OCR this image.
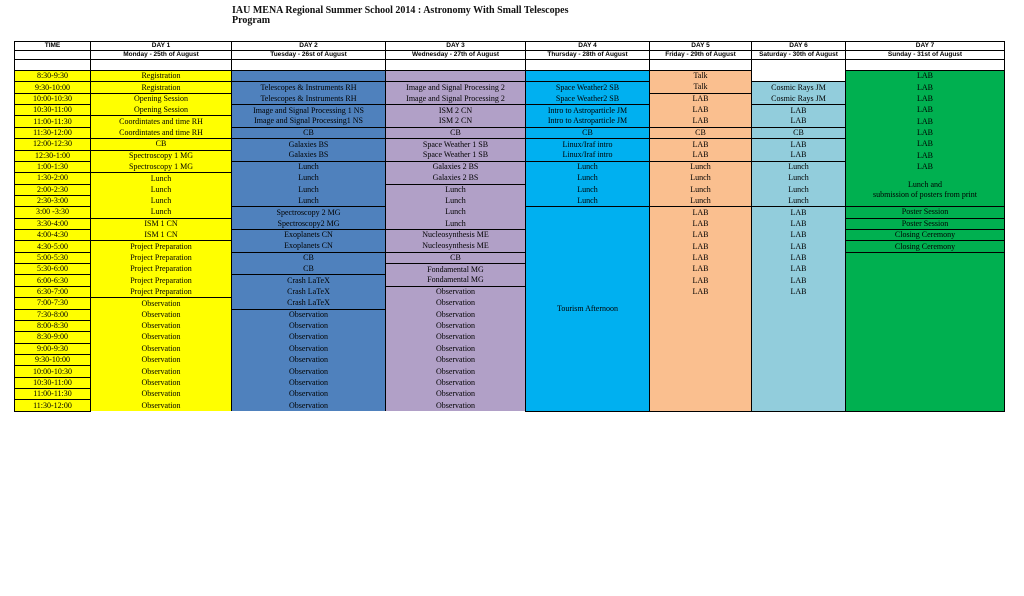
IAU MENA Regional Summer School 2014 : Astronomy With Small Telescopes
Program
TIME	DAY 1	DAY 2	DAY 3	DAY 4	DAY 5	DAY 6	DAY 7
	Monday - 25th of August	Tuesday - 26st of August	Wednesday - 27th of August	Thursday - 28th of August	Friday - 29th of August	Saturday - 30th of August	Sunday - 31st of August

8:30-9:30	Registration				Talk		LAB
9:30-10:00	Registration	Telescopes & Instruments RH	Image and Signal Processing 2	Space Weather2 SB	Talk	Cosmic Rays JM	LAB
10:00-10:30	Opening Session	Telescopes & Instruments RH	Image and Signal Processing 2	Space Weather2 SB	LAB	Cosmic Rays JM	LAB
10:30-11:00	Opening Session	Image and Signal Processing 1 NS	ISM 2 CN	Intro to Astroparticle JM	LAB	LAB	LAB
11:00-11:30	Coordintates and time RH	Image and Signal Processing1 NS	ISM 2 CN	Intro to Astroparticle JM	LAB	LAB	LAB
11:30-12:00	Coordintates and time RH	CB	CB	CB	CB	CB	LAB
12:00-12:30	CB	Galaxies BS	Space Weather 1 SB	Linux/Iraf intro	LAB	LAB	LAB
12:30-1:00	Spectroscopy 1 MG	Galaxies BS	Space Weather 1 SB	Linux/Iraf intro	LAB	LAB	LAB
1:00-1:30	Spectroscopy 1 MG	Lunch	Galaxies 2 BS	Lunch	Lunch	Lunch	LAB
1:30-2:00	Lunch	Lunch	Galaxies 2 BS	Lunch	Lunch	Lunch	Lunch and
submission of posters from print

2:00-2:30	Lunch	Lunch	Lunch	Lunch	Lunch	Lunch	
2:30-3:00	Lunch	Lunch	Lunch	Lunch	Lunch	Lunch	
3:00 -3:30	Lunch	Spectroscopy 2 MG	Lunch	Tourism Afternoon	LAB	LAB	Poster Session
3:30-4:00	ISM 1 CN	Spectroscopy2 MG	Lunch		LAB	LAB	Poster Session
4:00-4:30	ISM 1 CN	Exoplanets CN	Nucleosynthesis ME		LAB	LAB	Closing Ceremony
4:30-5:00	Project Preparation	Exoplanets CN	Nucleosynthesis ME		LAB	LAB	Closing Ceremony
5:00-5:30	Project Preparation	CB	CB		LAB	LAB	
5:30-6:00	Project Preparation	CB	Fondamental MG		LAB	LAB	
6:00-6:30	Project Preparation	Crash LaTeX	Fondamental MG		LAB	LAB	
6:30-7:00	Project Preparation	Crash LaTeX	Observation		LAB	LAB	
7:00-7:30	Observation	Crash LaTeX	Observation				
7:30-8:00	Observation	Observation	Observation				
8:00-8:30	Observation	Observation	Observation				
8:30-9:00	Observation	Observation	Observation				
9:00-9:30	Observation	Observation	Observation				
9:30-10:00	Observation	Observation	Observation				
10:00-10:30	Observation	Observation	Observation				
10:30-11:00	Observation	Observation	Observation				
11:00-11:30	Observation	Observation	Observation				
11:30-12:00	Observation	Observation	Observation				
